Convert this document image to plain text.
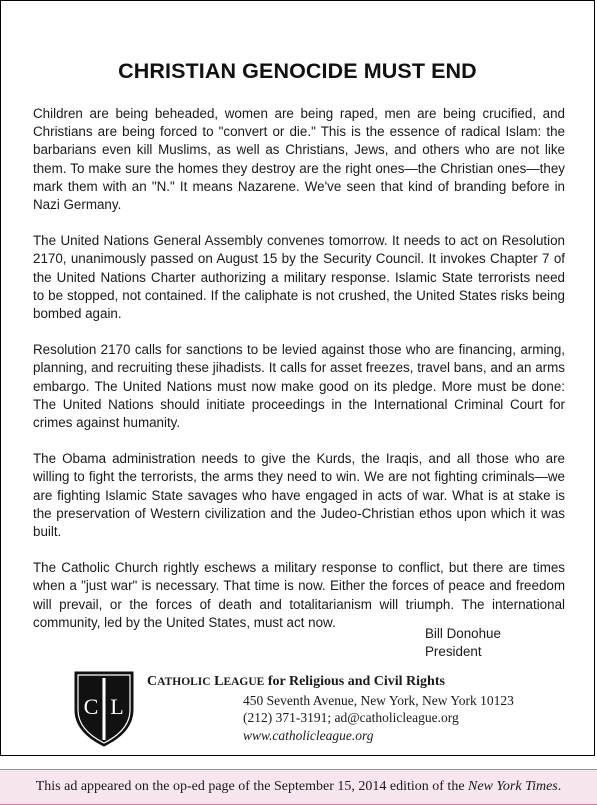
CHRISTIAN GENOCIDE MUST END

Children are being beheaded, women are being raped, men are being crucified, and Christians are being forced to "convert or die." This is the essence of radical Islam: the barbarians even kill Muslims, as well as Christians, Jews, and others who are not like them. To make sure the homes they destroy are the right ones—the Christian ones—they mark them with an "N." It means Nazarene. We've seen that kind of branding before in Nazi Germany.

The United Nations General Assembly convenes tomorrow. It needs to act on Resolution 2170, unanimously passed on August 15 by the Security Council. It invokes Chapter 7 of the United Nations Charter authorizing a military response. Islamic State terrorists need to be stopped, not contained. If the caliphate is not crushed, the United States risks being bombed again.

Resolution 2170 calls for sanctions to be levied against those who are financing, arming, planning, and recruiting these jihadists. It calls for asset freezes, travel bans, and an arms embargo. The United Nations must now make good on its pledge. More must be done: The United Nations should initiate proceedings in the International Criminal Court for crimes against humanity.

The Obama administration needs to give the Kurds, the Iraqis, and all those who are willing to fight the terrorists, the arms they need to win. We are not fighting criminals—we are fighting Islamic State savages who have engaged in acts of war. What is at stake is the preservation of Western civilization and the Judeo-Christian ethos upon which it was built.

The Catholic Church rightly eschews a military response to conflict, but there are times when a "just war" is necessary. That time is now. Either the forces of peace and freedom will prevail, or the forces of death and totalitarianism will triumph. The international community, led by the United States, must act now.

Bill Donohue
President
C L
CATHOLIC LEAGUE for Religious and Civil Rights
450 Seventh Avenue, New York, New York 10123
(212) 371-3191; ad@catholicleague.org
www.catholicleague.org
This ad appeared on the op-ed page of the September 15, 2014 edition of the New York Times.
